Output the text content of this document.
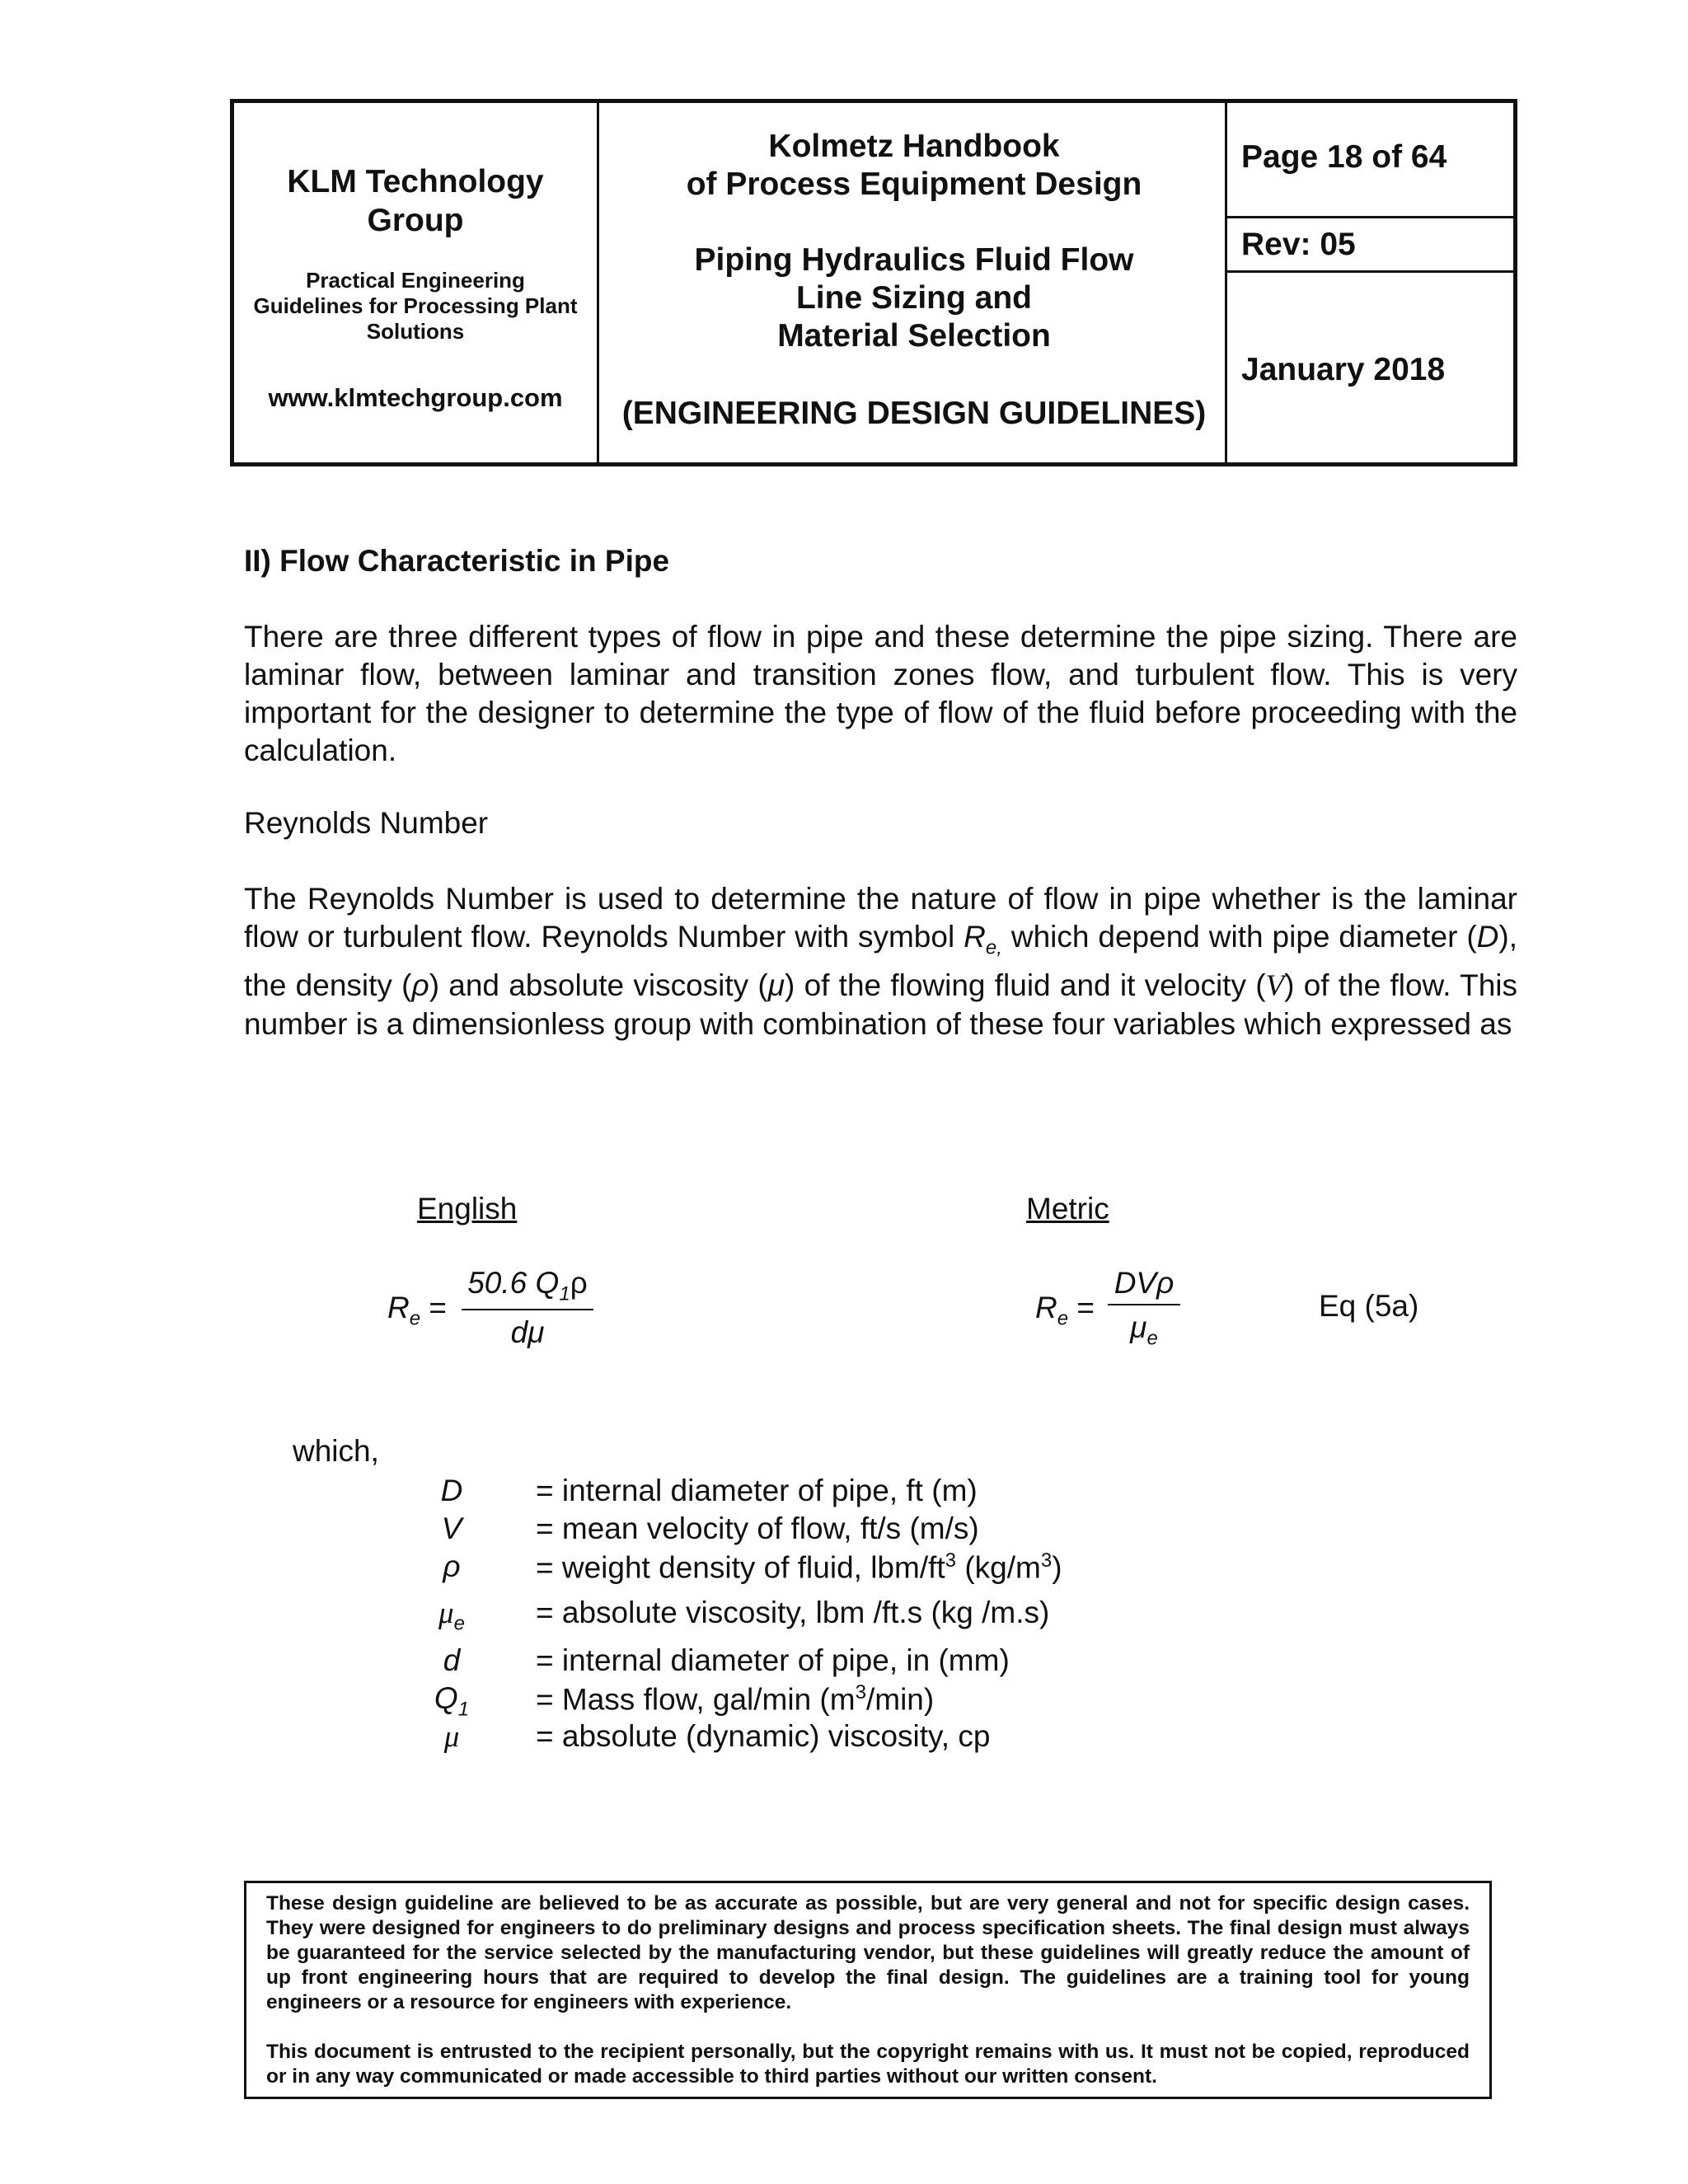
KLM Technology
Group
Practical Engineering
Guidelines for Processing Plant
Solutions
www.klmtechgroup.com
Kolmetz Handbook
of Process Equipment Design
Piping Hydraulics Fluid Flow
Line Sizing and
Material Selection
(ENGINEERING DESIGN GUIDELINES)
Page 18 of 64
Rev: 05
January 2018
II) Flow Characteristic in Pipe
There are three different types of flow in pipe and these determine the pipe sizing. There are laminar flow, between laminar and transition zones flow, and turbulent flow. This is very important for the designer to determine the type of flow of the fluid before proceeding with the calculation.
Reynolds Number
The Reynolds Number is used to determine the nature of flow in pipe whether is the laminar flow or turbulent flow. Reynolds Number with symbol $R_{e,}$ which depend with pipe diameter (D), the density (ρ) and absolute viscosity (μ) of the flowing fluid and it velocity (V) of the flow. This number is a dimensionless group with combination of these four variables which expressed as
English	Metric
$R_e = \frac{50.6 Q_1\rho}{d\mu}$	$R_e$ =
DVρ
$\mu_e$
Eq (5a)
which,
D	= internal diameter of pipe, ft (m)
V	= mean velocity of flow, ft/s (m/s)
ρ	= weight density of fluid, lbm/$ft^3$ $(kg/m^3)$
$\mu_e$	= absolute viscosity, lbm /ft.s (kg /m.s)
d	= internal diameter of pipe, in (mm)
$Q_1$	= Mass flow, gal/min $(m^3/\min)$
μ	= absolute (dynamic) viscosity, cp

These design guideline are believed to be as accurate as possible, but are very general and not for specific design cases. They were designed for engineers to do preliminary designs and process specification sheets. The final design must always be guaranteed for the service selected by the manufacturing vendor, but these guidelines will greatly reduce the amount of up front engineering hours that are required to develop the final design. The guidelines are a training tool for young engineers or a resource for engineers with experience.

This document is entrusted to the recipient personally, but the copyright remains with us. It must not be copied, reproduced or in any way communicated or made accessible to third parties without our written consent.
